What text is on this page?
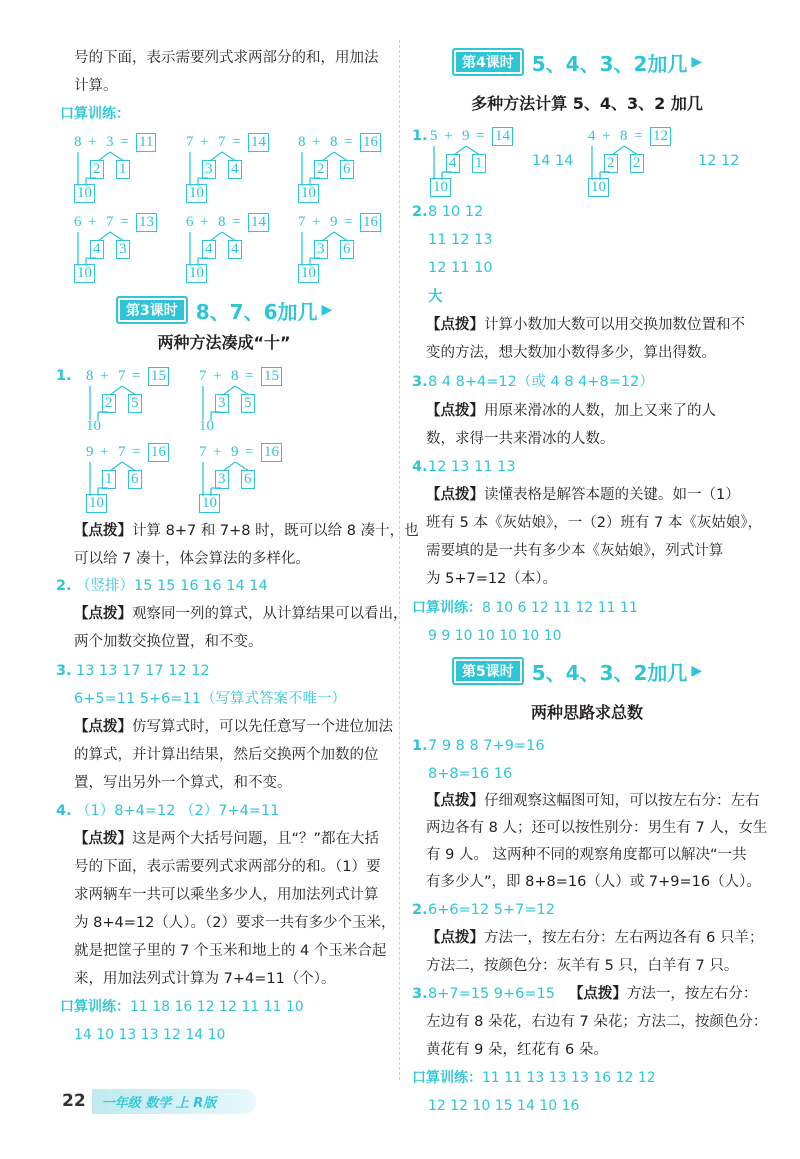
号的下面，表示需要列式求两部分的和，用加法
计算。
口算训练：
8 + 3 = 11
2 1
10
7 + 7 = 14
3 4
10
8 + 8 = 16
2 6
10
6 + 7 = 13
4 3
10
6 + 8 = 14
4 4
10
7 + 9 = 16
3 6
10
第3课时 8、7、6加几 ▶
两种方法凑成“十”
1. 8 + 7 = 15
2 5
10
7 + 8 = 15
3 5
10
9 + 7 = 16
1 6
10
7 + 9 = 16
3 6
10
【点拨】计算 8+7 和 7+8 时，既可以给 8 凑十，也
可以给 7 凑十，体会算法的多样化。
2. （竖排）15 15 16 16 14 14
【点拨】观察同一列的算式，从计算结果可以看出，
两个加数交换位置，和不变。
3. 13 13 17 17 12 12
6+5=11 5+6=11（写算式答案不唯一）
【点拨】仿写算式时，可以先任意写一个进位加法
的算式，并计算出结果，然后交换两个加数的位
置，写出另外一个算式，和不变。
4. （1）8+4=12 （2）7+4=11
【点拨】这是两个大括号问题，且“？”都在大括
号的下面，表示需要列式求两部分的和。（1）要
求两辆车一共可以乘坐多少人，用加法列式计算
为 8+4=12（人）。（2）要求一共有多少个玉米，
就是把筐子里的 7 个玉米和地上的 4 个玉米合起
来，用加法列式计算为 7+4=11（个）。
口算训练：11 18 16 12 12 11 11 10
14 10 13 13 12 14 10
第4课时 5、4、3、2加几 ▶
多种方法计算 5、4、3、2 加几
1. 5 + 9 = 14
4 1
10
14 14
4 + 8 = 12
2 2
10
12 12
2. 8 10 12
11 12 13
12 11 10
大
【点拨】计算小数加大数可以用交换加数位置和不
变的方法，想大数加小数得多少，算出得数。
3. 8 4 8+4=12（或 4 8 4+8=12）
【点拨】用原来滑冰的人数，加上又来了的人
数，求得一共来滑冰的人数。
4. 12 13 11 13
【点拨】读懂表格是解答本题的关键。如一（1）
班有 5 本《灰姑娘》，一（2）班有 7 本《灰姑娘》，
需要填的是一共有多少本《灰姑娘》，列式计算
为 5+7=12（本）。
口算训练：8 10 6 12 11 12 11 11
9 9 10 10 10 10 10
第5课时 5、4、3、2加几 ▶
两种思路求总数
1. 7 9 8 8 7+9=16
8+8=16 16
【点拨】仔细观察这幅图可知，可以按左右分：左右
两边各有 8 人；还可以按性别分：男生有 7 人，女生
有 9 人。 这两种不同的观察角度都可以解决“一共
有多少人”，即 8+8=16（人）或 7+9=16（人）。
2. 6+6=12 5+7=12
【点拨】方法一，按左右分：左右两边各有 6 只羊；
方法二，按颜色分：灰羊有 5 只，白羊有 7 只。
3. 8+7=15 9+6=15 【点拨】方法一，按左右分：
左边有 8 朵花，右边有 7 朵花；方法二，按颜色分：
黄花有 9 朵，红花有 6 朵。
口算训练：11 11 13 13 13 16 12 12
12 12 10 15 14 10 16
22	一年级 数学 上 R版
